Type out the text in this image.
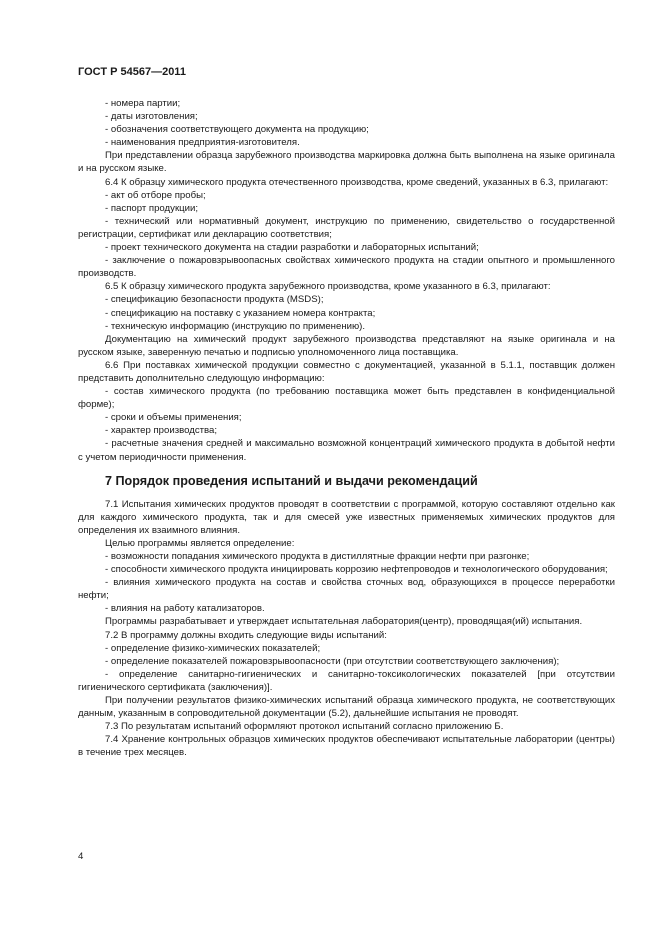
ГОСТ Р 54567—2011

- номера партии;

- даты изготовления;

- обозначения соответствующего документа на продукцию;

- наименования предприятия-изготовителя.

При представлении образца зарубежного производства маркировка должна быть выполнена на языке оригинала и на русском языке.

6.4 К образцу химического продукта отечественного производства, кроме сведений, указанных в 6.3, прилагают:

- акт об отборе пробы;

- паспорт продукции;

- технический или нормативный документ, инструкцию по применению, свидетельство о государственной регистрации, сертификат или декларацию соответствия;

- проект технического документа на стадии разработки и лабораторных испытаний;

- заключение о пожаровзрывоопасных свойствах химического продукта на стадии опытного и промышленного производств.

6.5 К образцу химического продукта зарубежного производства, кроме указанного в 6.3, прилагают:

- спецификацию безопасности продукта (MSDS);

- спецификацию на поставку с указанием номера контракта;

- техническую информацию (инструкцию по применению).

Документацию на химический продукт зарубежного производства представляют на языке оригинала и на русском языке, заверенную печатью и подписью уполномоченного лица поставщика.

6.6 При поставках химической продукции совместно с документацией, указанной в 5.1.1, поставщик должен представить дополнительно следующую информацию:

- состав химического продукта (по требованию поставщика может быть представлен в конфиденциальной форме);

- сроки и объемы применения;

- характер производства;

- расчетные значения средней и максимально возможной концентраций химического продукта в добытой нефти с учетом периодичности применения.

7 Порядок проведения испытаний и выдачи рекомендаций

7.1 Испытания химических продуктов проводят в соответствии с программой, которую составляют отдельно как для каждого химического продукта, так и для смесей уже известных применяемых химических продуктов для определения их взаимного влияния.

Целью программы является определение:

- возможности попадания химического продукта в дистиллятные фракции нефти при разгонке;

- способности химического продукта инициировать коррозию нефтепроводов и технологического оборудования;

- влияния химического продукта на состав и свойства сточных вод, образующихся в процессе переработки нефти;

- влияния на работу катализаторов.

Программы разрабатывает и утверждает испытательная лаборатория(центр), проводящая(ий) испытания.

7.2 В программу должны входить следующие виды испытаний:

- определение физико-химических показателей;

- определение показателей пожаровзрывоопасности (при отсутствии соответствующего заключения);

- определение санитарно-гигиенических и санитарно-токсикологических показателей [при отсутствии гигиенического сертификата (заключения)].

При получении результатов физико-химических испытаний образца химического продукта, не соответствующих данным, указанным в сопроводительной документации (5.2), дальнейшие испытания не проводят.

7.3 По результатам испытаний оформляют протокол испытаний согласно приложению Б.

7.4 Хранение контрольных образцов химических продуктов обеспечивают испытательные лаборатории (центры) в течение трех месяцев.

4
